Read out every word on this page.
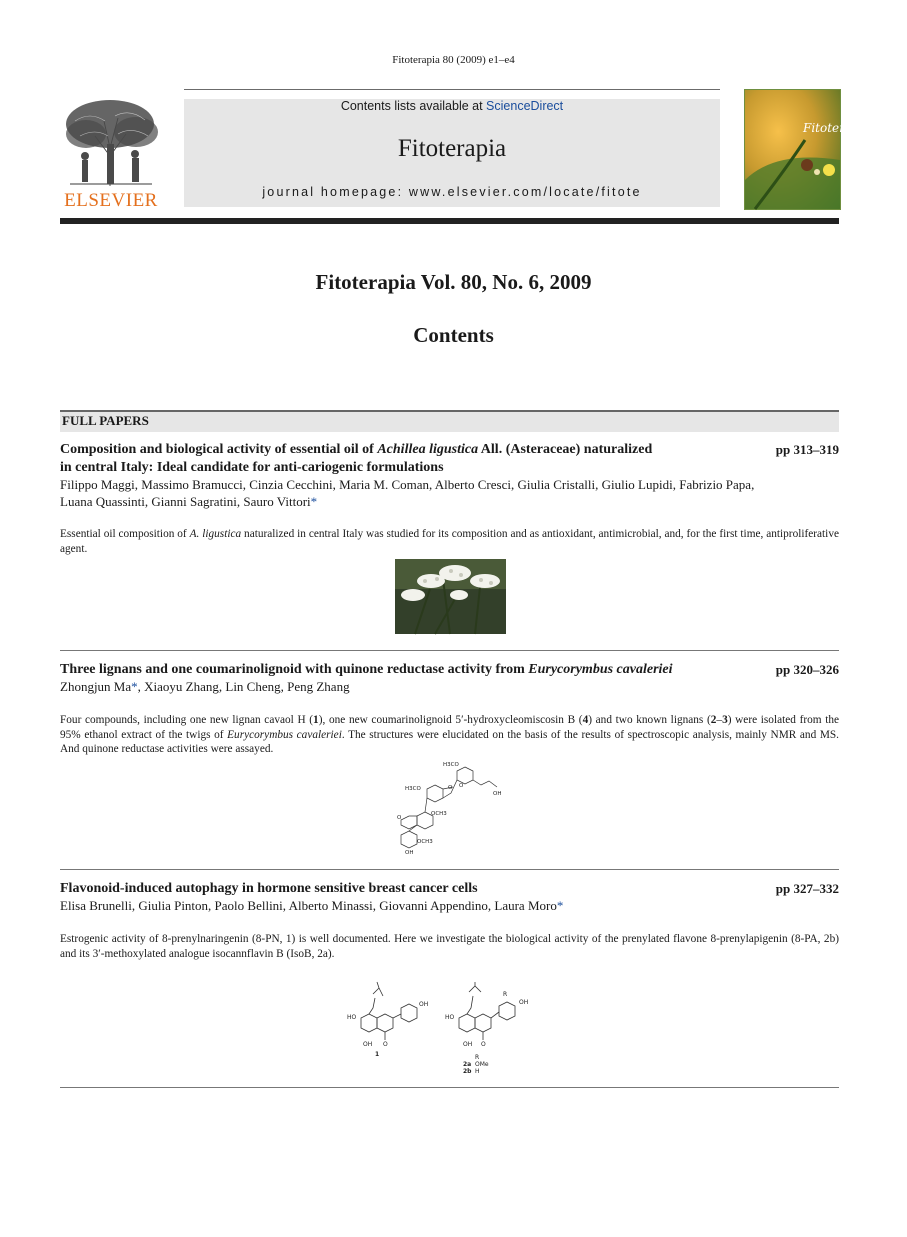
Fitoterapia 80 (2009) e1–e4
ELSEVIER
Contents lists available at ScienceDirect
Fitoterapia
journal homepage: www.elsevier.com/locate/fitote
Fitoterapia
Fitoterapia Vol. 80, No. 6, 2009
Contents
FULL PAPERS
Composition and biological activity of essential oil of Achillea ligustica All. (Asteraceae) naturalized
in central Italy: Ideal candidate for anti-cariogenic formulations
pp 313–319
Filippo Maggi, Massimo Bramucci, Cinzia Cecchini, Maria M. Coman, Alberto Cresci, Giulia Cristalli, Giulio Lupidi, Fabrizio Papa,
Luana Quassinti, Gianni Sagratini, Sauro Vittori*
Essential oil composition of A. ligustica naturalized in central Italy was studied for its composition and as antioxidant, antimicrobial, and, for the first time, antiproliferative agent.
Three lignans and one coumarinolignoid with quinone reductase activity from Eurycorymbus cavaleriei	pp 320–326
Zhongjun Ma*, Xiaoyu Zhang, Lin Cheng, Peng Zhang
Four compounds, including one new lignan cavaol H (1), one new coumarinolignoid 5′-hydroxycleomiscosin B (4) and two known lignans (2–3) were isolated from the 95% ethanol extract of the twigs of Eurycorymbus cavaleriei. The structures were elucidated on the basis of the results of spectroscopic analysis, mainly NMR and MS. And quinone reductase activities were assayed.
H3CO
H3CO
OH
OCH3
O O
O
OCH3
OH
Flavonoid-induced autophagy in hormone sensitive breast cancer cells	pp 327–332
Elisa Brunelli, Giulia Pinton, Paolo Bellini, Alberto Minassi, Giovanni Appendino, Laura Moro*
Estrogenic activity of 8-prenylnaringenin (8-PN, 1) is well documented. Here we investigate the biological activity of the prenylated flavone 8-prenylapigenin (8-PA, 2b) and its 3′-methoxylated analogue isocannflavin B (IsoB, 2a).
HO
OH
O
OH
1
HO
OH
O
OH
R
2a
2b
R
OMe
H
